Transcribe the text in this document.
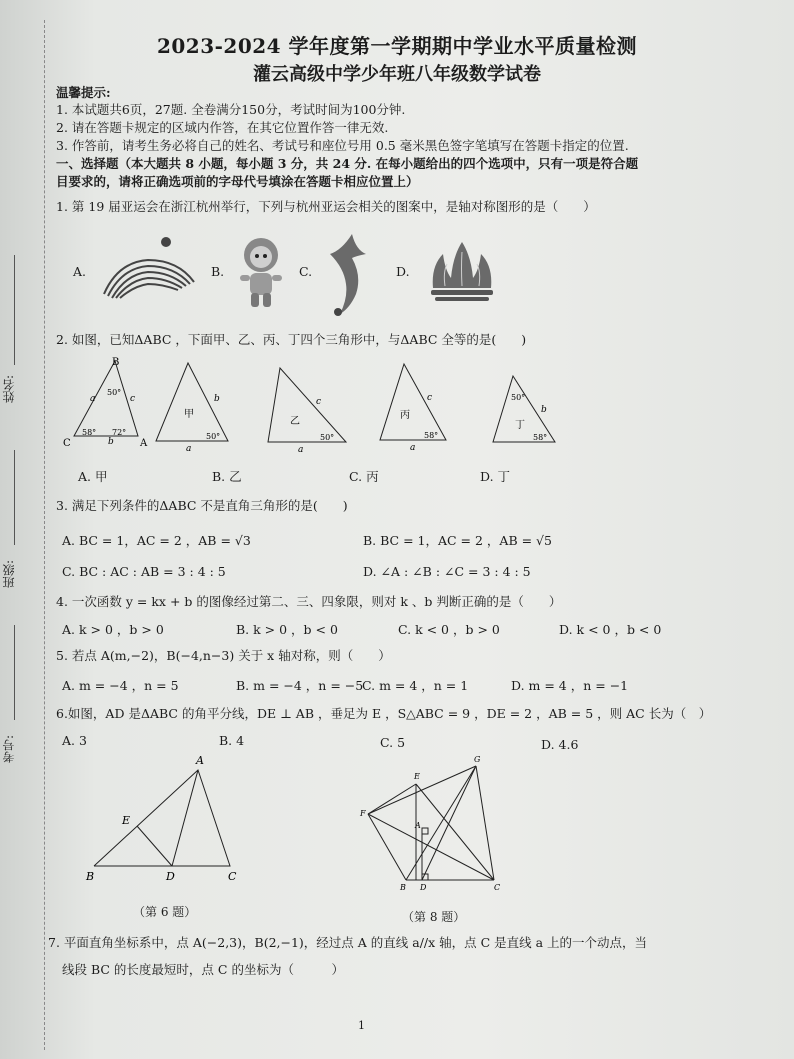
姓名:
班级:
考号:
2023-2024 学年度第一学期期中学业水平质量检测
灌云高级中学少年班八年级数学试卷
温馨提示:
1. 本试题共6页，27题. 全卷满分150分，考试时间为100分钟.
2. 请在答题卡规定的区域内作答，在其它位置作答一律无效.
3. 作答前，请考生务必将自己的姓名、考试号和座位号用 0.5 毫米黑色签字笔填写在答题卡指定的位置.
一、选择题（本大题共 8 小题，每小题 3 分，共 24 分. 在每小题给出的四个选项中，只有一项是符合题
目要求的，请将正确选项前的字母代号填涂在答题卡相应位置上）
1. 第 19 届亚运会在浙江杭州举行，下列与杭州亚运会相关的图案中，是轴对称图形的是（　　）
A.	B.	C.	D.
2. 如图，已知ΔABC ，下面甲、乙、丙、丁四个三角形中，与ΔABC 全等的是(　　)
B
C	A
a	c
b
50°
58° 72°
甲
b
a
50°
乙
c
a
50°
丙
c
a
58°
丁
b
50°
58°
A. 甲	B. 乙	C. 丙	D. 丁
3. 满足下列条件的ΔABC 不是直角三角形的是(　　)
A. BC = 1，AC = 2 ，AB = √3	B. BC = 1，AC = 2 ，AB = √5
C. BC : AC : AB = 3 : 4 : 5	D. ∠A : ∠B : ∠C = 3 : 4 : 5
4. 一次函数 y = kx + b 的图像经过第二、三、四象限，则对 k 、b 判断正确的是（　　）
A. k > 0 ，b > 0	B. k > 0 ，b < 0	C. k < 0 ，b > 0	D. k < 0 ，b < 0
5. 若点 A(m,−2)，B(−4,n−3) 关于 x 轴对称，则（　　）
A. m = −4 ，n = 5	B. m = −4 ，n = −5
C. m = 4 ，n = 1	D. m = 4 ，n = −1
6.如图，AD 是ΔABC 的角平分线，DE ⊥ AB ，垂足为 E ，S△ABC = 9 ，DE = 2 ，AB = 5 ，则 AC 长为（　）
A. 3	B. 4	C. 5	D. 4.6
A
B	C
D
E
（第 6 题）
E
G
F
A
B D	C
（第 8 题）
7. 平面直角坐标系中，点 A(−2,3)，B(2,−1)，经过点 A 的直线 a//x 轴，点 C 是直线 a 上的一个动点，当
线段 BC 的长度最短时，点 C 的坐标为（　　　）
1
